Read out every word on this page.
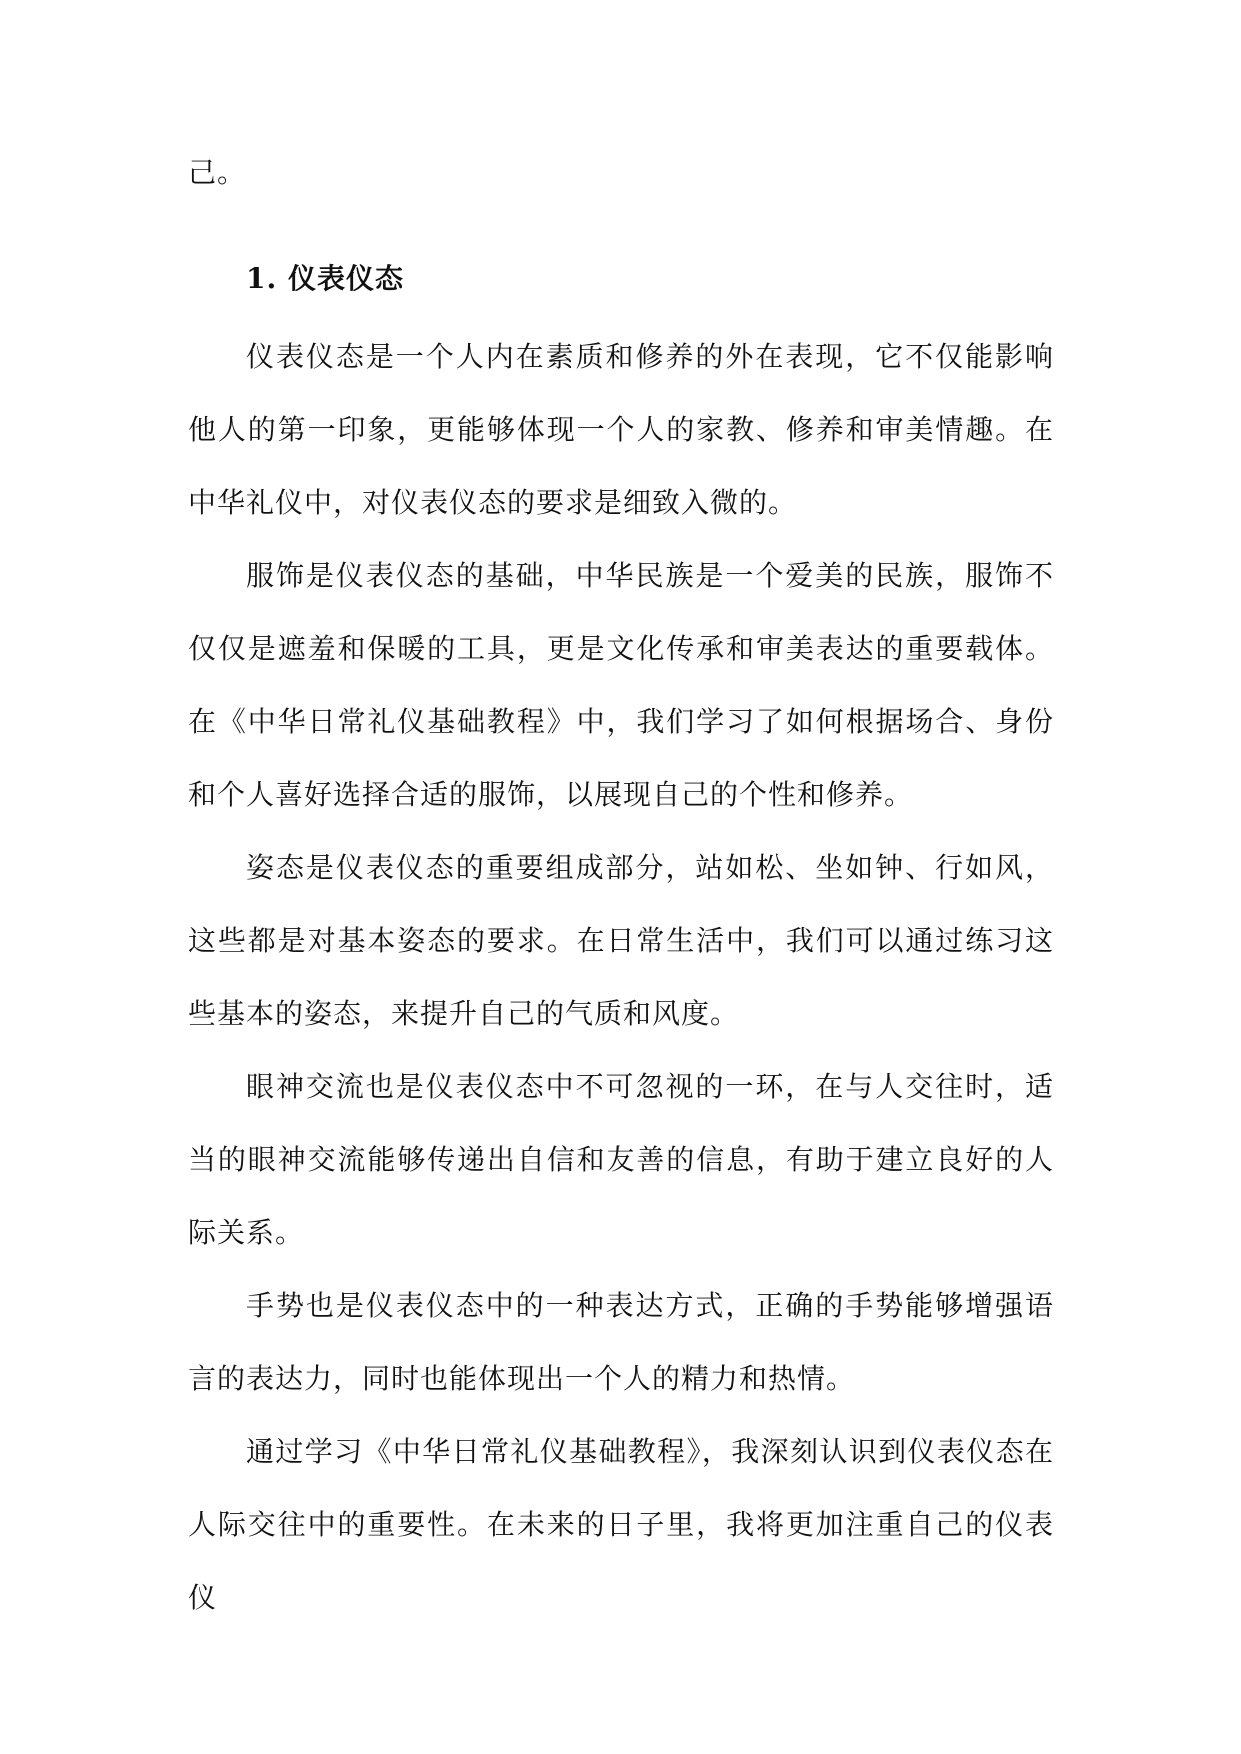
己。
1. 仪表仪态

仪表仪态是一个人内在素质和修养的外在表现，它不仅能影响他人的第一印象，更能够体现一个人的家教、修养和审美情趣。在中华礼仪中，对仪表仪态的要求是细致入微的。

服饰是仪表仪态的基础，中华民族是一个爱美的民族，服饰不仅仅是遮羞和保暖的工具，更是文化传承和审美表达的重要载体。在《中华日常礼仪基础教程》中，我们学习了如何根据场合、身份和个人喜好选择合适的服饰，以展现自己的个性和修养。

姿态是仪表仪态的重要组成部分，站如松、坐如钟、行如风，这些都是对基本姿态的要求。在日常生活中，我们可以通过练习这些基本的姿态，来提升自己的气质和风度。

眼神交流也是仪表仪态中不可忽视的一环，在与人交往时，适当的眼神交流能够传递出自信和友善的信息，有助于建立良好的人际关系。

手势也是仪表仪态中的一种表达方式，正确的手势能够增强语言的表达力，同时也能体现出一个人的精力和热情。

通过学习《中华日常礼仪基础教程》，我深刻认识到仪表仪态在人际交往中的重要性。在未来的日子里，我将更加注重自己的仪表仪
